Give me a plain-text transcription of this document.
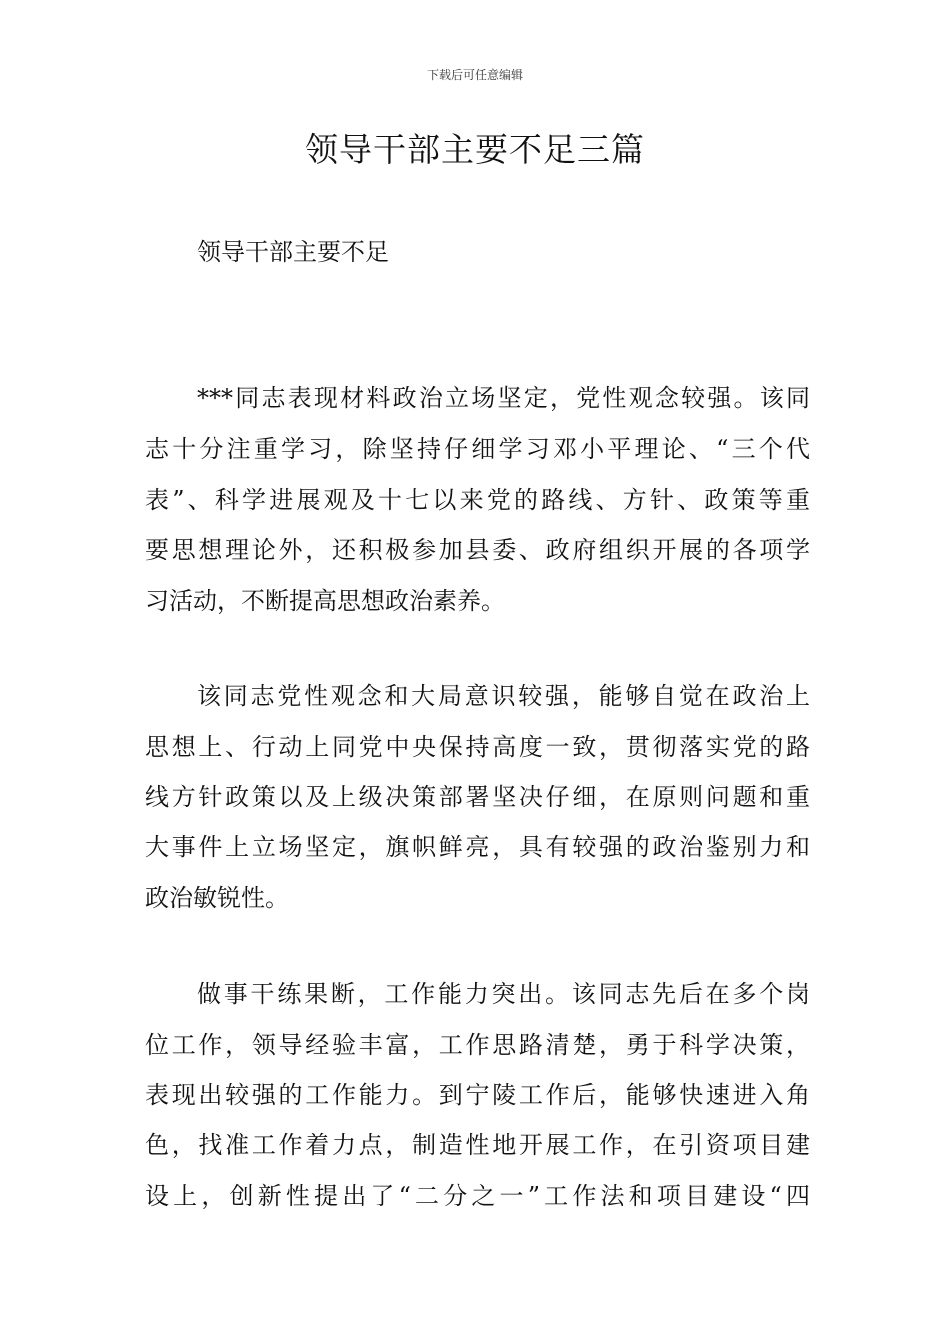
下载后可任意编辑
领导干部主要不足三篇
领导干部主要不足
***同志表现材料政治立场坚定，党性观念较强。该同
志十分注重学习，除坚持仔细学习邓小平理论、“三个代
表”、科学进展观及十七以来党的路线、方针、政策等重
要思想理论外，还积极参加县委、政府组织开展的各项学
习活动，不断提高思想政治素养。
该同志党性观念和大局意识较强，能够自觉在政治上
思想上、行动上同党中央保持高度一致，贯彻落实党的路
线方针政策以及上级决策部署坚决仔细，在原则问题和重
大事件上立场坚定，旗帜鲜亮，具有较强的政治鉴别力和
政治敏锐性。
做事干练果断，工作能力突出。该同志先后在多个岗
位工作，领导经验丰富，工作思路清楚，勇于科学决策，
表现出较强的工作能力。到宁陵工作后，能够快速进入角
色，找准工作着力点，制造性地开展工作，在引资项目建
设上，创新性提出了“二分之一”工作法和项目建设“四
